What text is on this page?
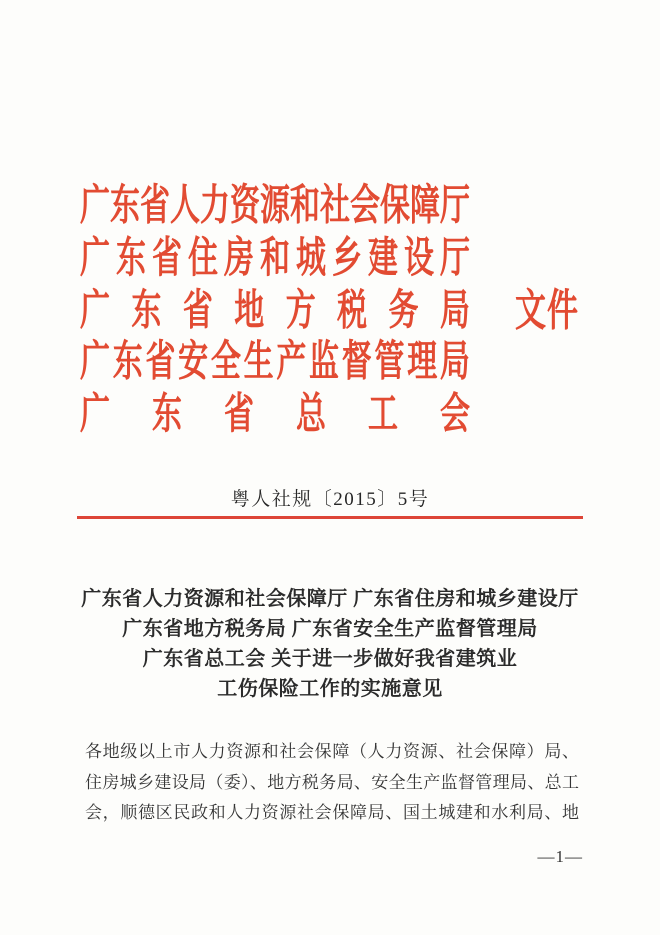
广 东 省 人 力 资 源 和 社 会 保 障 厅
广 东 省 住 房 和 城 乡 建 设 厅
广 东 省 地 方 税 务 局
广 东 省 安 全 生 产 监 督 管 理 局
广 东 省 总 工 会
文件
粤人社规〔2015〕5号
广东省人力资源和社会保障厅 广东省住房和城乡建设厅
广东省地方税务局 广东省安全生产监督管理局
广东省总工会 关于进一步做好我省建筑业
工伤保险工作的实施意见
各地级以上市人力资源和社会保障（人力资源、社会保障）局、
住房城乡建设局（委）、地方税务局、安全生产监督管理局、总工
会，顺德区民政和人力资源社会保障局、国土城建和水利局、地
—1—
